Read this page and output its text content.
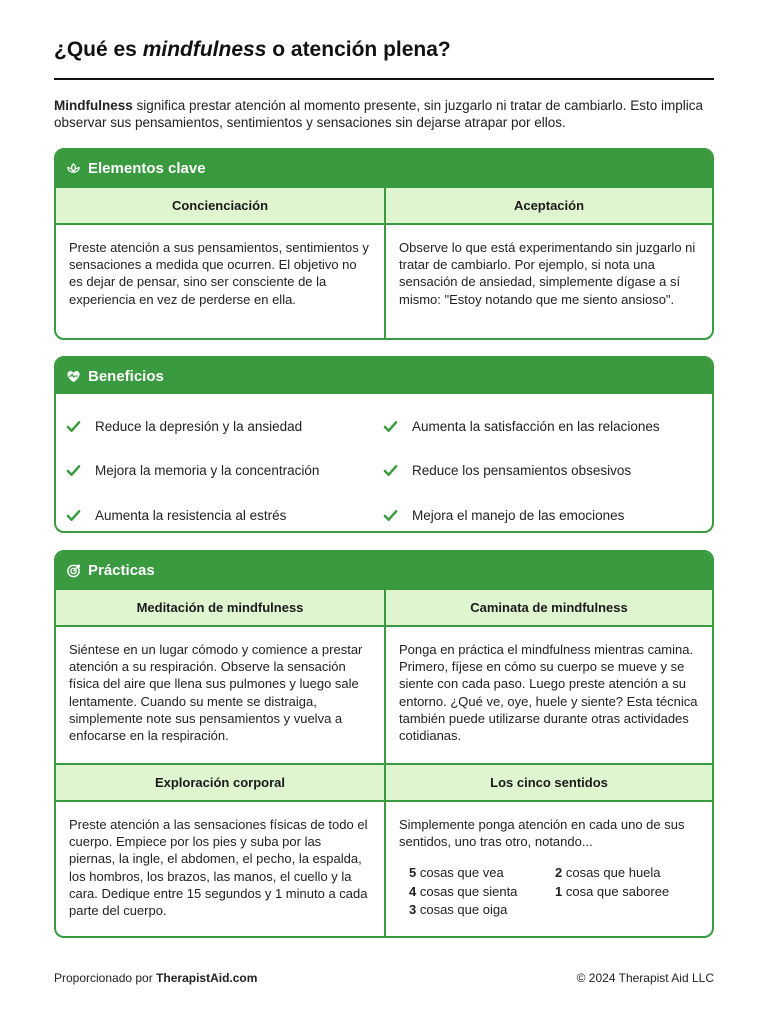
¿Qué es mindfulness o atención plena?

Mindfulness significa prestar atención al momento presente, sin juzgarlo ni tratar de cambiarlo. Esto implica observar sus pensamientos, sentimientos y sensaciones sin dejarse atrapar por ellos.

Elementos clave
Concienciación	Aceptación
Preste atención a sus pensamientos, sentimientos y sensaciones a medida que ocurren. El objetivo no es dejar de pensar, sino ser consciente de la experiencia en vez de perderse en ella.
Observe lo que está experimentando sin juzgarlo ni tratar de cambiarlo. Por ejemplo, si nota una sensación de ansiedad, simplemente dígase a sí mismo: "Estoy notando que me siento ansioso".
Beneficios
Reduce la depresión y la ansiedad	Aumenta la satisfacción en las relaciones
Mejora la memoria y la concentración	Reduce los pensamientos obsesivos
Aumenta la resistencia al estrés	Mejora el manejo de las emociones
Prácticas
Meditación de mindfulness	Caminata de mindfulness
Siéntese en un lugar cómodo y comience a prestar atención a su respiración. Observe la sensación física del aire que llena sus pulmones y luego sale lentamente. Cuando su mente se distraiga, simplemente note sus pensamientos y vuelva a enfocarse en la respiración.
Ponga en práctica el mindfulness mientras camina. Primero, fíjese en cómo su cuerpo se mueve y se siente con cada paso. Luego preste atención a su entorno. ¿Qué ve, oye, huele y siente? Esta técnica también puede utilizarse durante otras actividades cotidianas.
Exploración corporal	Los cinco sentidos
Preste atención a las sensaciones físicas de todo el cuerpo. Empiece por los pies y suba por las piernas, la ingle, el abdomen, el pecho, la espalda, los hombros, los brazos, las manos, el cuello y la cara. Dedique entre 15 segundos y 1 minuto a cada parte del cuerpo.
Simplemente ponga atención en cada uno de sus sentidos, uno tras otro, notando...
5 cosas que vea	2 cosas que huela
4 cosas que sienta	1 cosa que saboree
3 cosas que oiga
Proporcionado por TherapistAid.com	© 2024 Therapist Aid LLC
